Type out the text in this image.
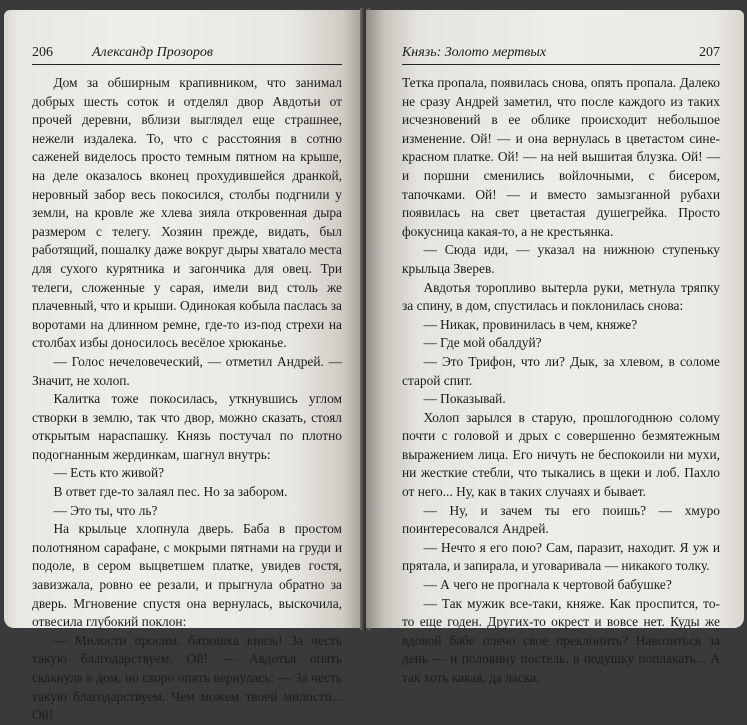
206	Александр Прозоров

Дом за обширным крапивником, что занимал добрых шесть соток и отделял двор Авдотьи от прочей деревни, вблизи выглядел еще страшнее, нежели издалека. То, что с расстояния в сотню саженей виделось просто темным пятном на крыше, на деле оказалось вконец прохудившейся дранкой, неровный забор весь покосился, столбы подгнили у земли, на кровле же хлева зияла откровенная дыра размером с телегу. Хозяин прежде, видать, был работящий, пошалку даже вокруг дыры хватало места для сухого курятника и загончика для овец. Три телеги, сложенные у сарая, имели вид столь же плачевный, что и крыши. Одинокая кобыла паслась за воротами на длинном ремне, где-то из-под стрехи на столбах избы доносилось весёлое хрюканье.

— Голос нечеловеческий, — отметил Андрей. — Значит, не холоп.

Калитка тоже покосилась, уткнувшись углом створки в землю, так что двор, можно сказать, стоял открытым нараспашку. Князь постучал по плотно подогнанным жердинкам, шагнул внутрь:

— Есть кто живой?

В ответ где-то залаял пес. Но за забором.

— Это ты, что ль?

На крыльце хлопнула дверь. Баба в простом полотняном сарафане, с мокрыми пятнами на груди и подоле, в сером выцветшем платке, увидев гостя, завизжала, ровно ее резали, и прыгнула обратно за дверь. Мгновение спустя она вернулась, выскочила, отвесила глубокий поклон:

— Милости просим, батюшка князь! За честь такую благодарствуем. Ой! — Авдотья опять скакнула в дом, но скоро опять вернулась: — За честь такую благодарствуем. Чем можем твоей милости... Ой!

Князь: Золото мертвых	207

Тетка пропала, появилась снова, опять пропала. Далеко не сразу Андрей заметил, что после каждого из таких исчезновений в ее облике происходит небольшое изменение. Ой! — и она вернулась в цветастом сине-красном платке. Ой! — на ней вышитая блузка. Ой! — и поршни сменились войлочными, с бисером, тапочками. Ой! — и вместо замызганной рубахи появилась на свет цветастая душегрейка. Просто фокусница какая-то, а не крестьянка.

— Сюда иди, — указал на нижнюю ступеньку крыльца Зверев.

Авдотья торопливо вытерла руки, метнула тряпку за спину, в дом, спустилась и поклонилась снова:

— Никак, провинилась в чем, княже?

— Где мой обалдуй?

— Это Трифон, что ли? Дык, за хлевом, в соломе старой спит.

— Показывай.

Холоп зарылся в старую, прошлогоднюю солому почти с головой и дрых с совершенно безмятежным выражением лица. Его ничуть не беспокоили ни мухи, ни жесткие стебли, что тыкались в щеки и лоб. Пахло от него... Ну, как в таких случаях и бывает.

— Ну, и зачем ты его поишь? — хмуро поинтересовался Андрей.

— Нечто я его пою? Сам, паразит, находит. Я уж и прятала, и запирала, и уговаривала — никакого толку.

— А чего не прогнала к чертовой бабушке?

— Так мужик все-таки, княже. Как проспится, то-то еще годен. Других-то окрест и вовсе нет. Куды же вдовой бабе плечо свое преклонить? Навозиться за день — и половину постель, в подушку поплакать... А так хоть какая, да ласка.
